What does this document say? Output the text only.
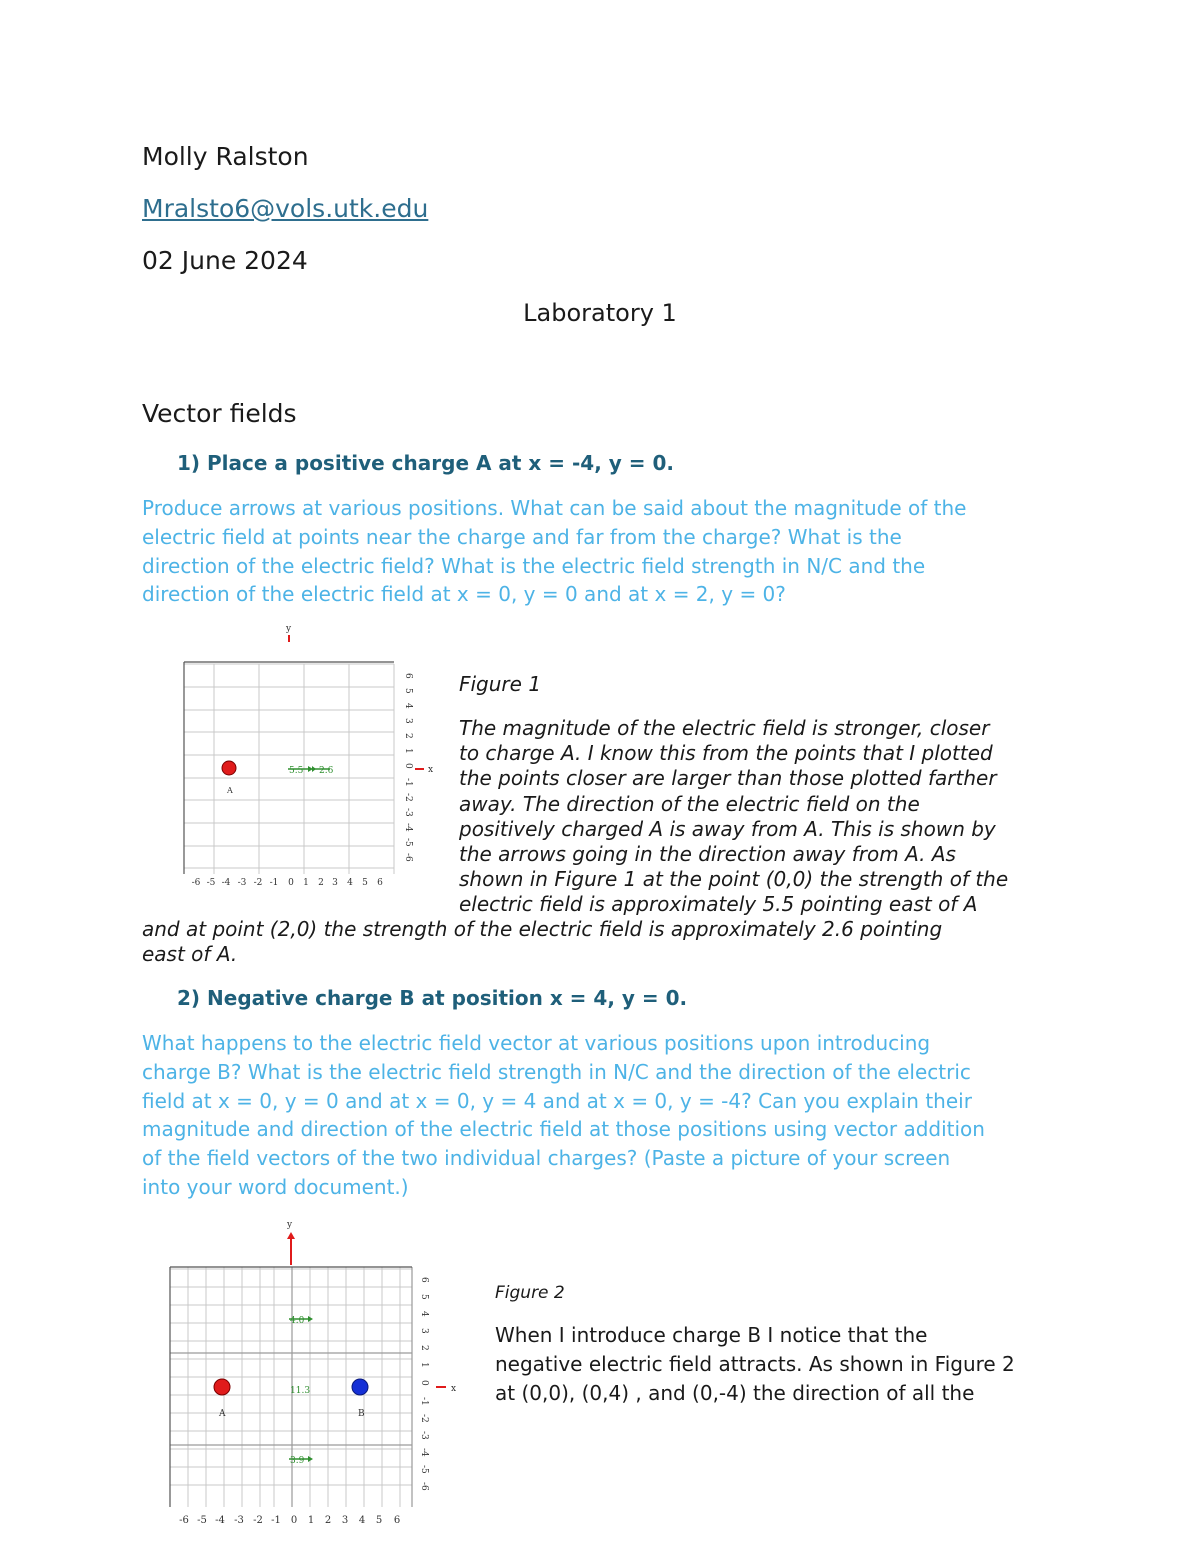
Molly Ralston
Mralsto6@vols.utk.edu
02 June 2024
Laboratory 1
Vector fields
1) Place a positive charge A at x = -4, y = 0.
Produce arrows at various positions. What can be said about the magnitude of the
electric field at points near the charge and far from the charge? What is the
direction of the electric field? What is the electric field strength in N/C and the
direction of the electric field at x = 0, y = 0 and at x = 2, y = 0?
y
x
6
5
4
3
2
1
0
-1
-2
-3
-4
-5
-6
-6 -5 -4 -3 -2 -1 0 1 2 3 4 5 6
A
5.5 2.6
Figure 1
The magnitude of the electric field is stronger, closer
to charge A. I know this from the points that I plotted
the points closer are larger than those plotted farther
away. The direction of the electric field on the
positively charged A is away from A. This is shown by
the arrows going in the direction away from A. As
shown in Figure 1 at the point (0,0) the strength of the
electric field is approximately 5.5 pointing east of A
and at point (2,0) the strength of the electric field is approximately 2.6 pointing
east of A.
2) Negative charge B at position x = 4, y = 0.
What happens to the electric field vector at various positions upon introducing
charge B? What is the electric field strength in N/C and the direction of the electric
field at x = 0, y = 0 and at x = 0, y = 4 and at x = 0, y = -4? Can you explain their
magnitude and direction of the electric field at those positions using vector addition
of the field vectors of the two individual charges? (Paste a picture of your screen
into your word document.)
y
x
6
5
4
3
2
1
0
-1
-2
-3
-4
-5
-6
-6 -5 -4 -3 -2 -1 0 1 2 3 4 5 6
A	B
4.0
11.3
3.9
Figure 2
When I introduce charge B I notice that the
negative electric field attracts. As shown in Figure 2
at (0,0), (0,4) , and (0,-4) the direction of all the
